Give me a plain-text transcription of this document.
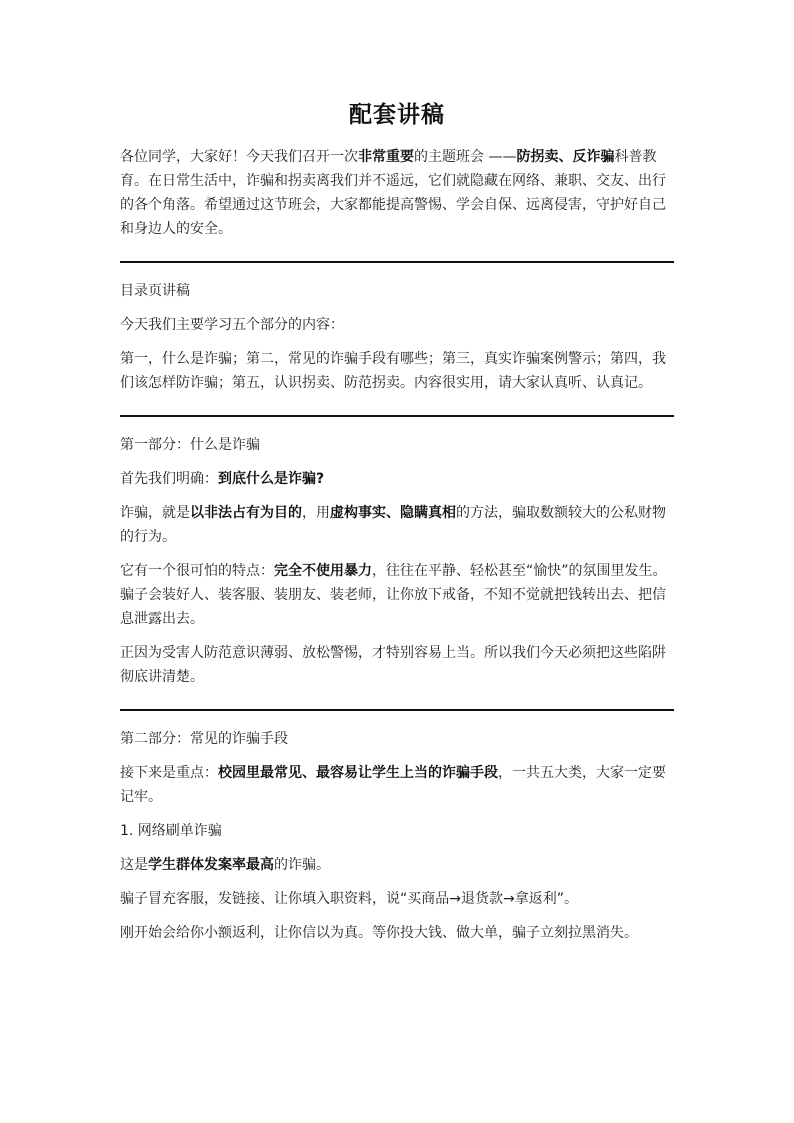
配套讲稿

各位同学，大家好！今天我们召开一次非常重要的主题班会 ——防拐卖、反诈骗科普教育。在日常生活中，诈骗和拐卖离我们并不遥远，它们就隐藏在网络、兼职、交友、出行的各个角落。希望通过这节班会，大家都能提高警惕、学会自保、远离侵害，守护好自己和身边人的安全。

目录页讲稿

今天我们主要学习五个部分的内容：

第一，什么是诈骗；第二，常见的诈骗手段有哪些；第三，真实诈骗案例警示；第四，我们该怎样防诈骗；第五，认识拐卖、防范拐卖。内容很实用，请大家认真听、认真记。

第一部分：什么是诈骗

首先我们明确：到底什么是诈骗?

诈骗，就是以非法占有为目的，用虚构事实、隐瞒真相的方法，骗取数额较大的公私财物的行为。

它有一个很可怕的特点：完全不使用暴力，往往在平静、轻松甚至“愉快”的氛围里发生。骗子会装好人、装客服、装朋友、装老师，让你放下戒备，不知不觉就把钱转出去、把信息泄露出去。

正因为受害人防范意识薄弱、放松警惕，才特别容易上当。所以我们今天必须把这些陷阱彻底讲清楚。

第二部分：常见的诈骗手段

接下来是重点：校园里最常见、最容易让学生上当的诈骗手段，一共五大类，大家一定要记牢。

1. 网络刷单诈骗

这是学生群体发案率最高的诈骗。

骗子冒充客服，发链接、让你填入职资料，说“买商品→退货款→拿返利”。

刚开始会给你小额返利，让你信以为真。等你投大钱、做大单，骗子立刻拉黑消失。
